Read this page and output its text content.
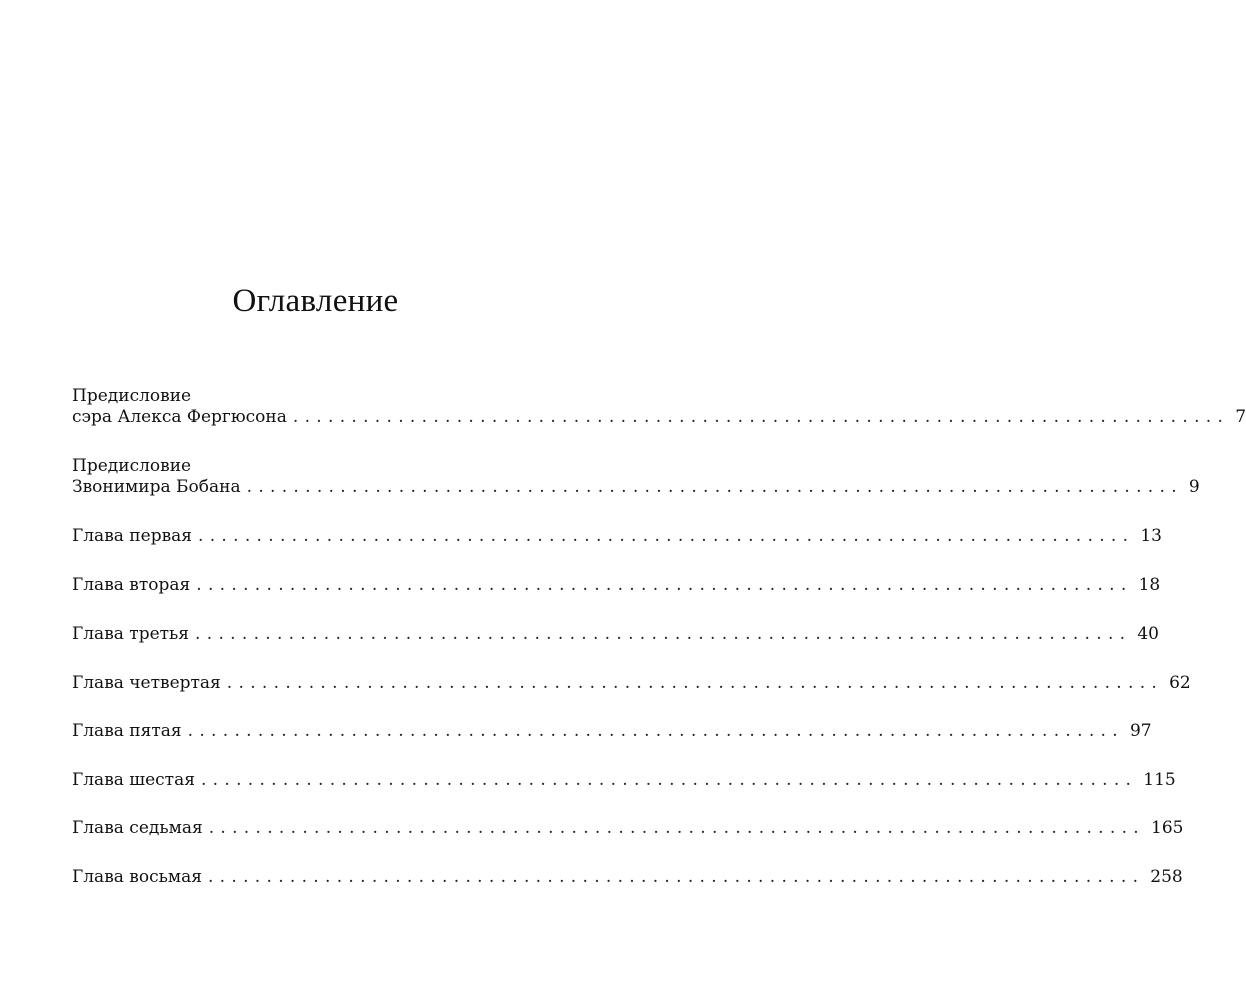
Оглавление
Предисловие
сэра Алекса Фергюсона ................................................................................ 7
Предисловие
Звонимира Бобана ................................................................................ 9
Глава первая ................................................................................ 13
Глава вторая ................................................................................ 18
Глава третья ................................................................................ 40
Глава четвертая ................................................................................ 62
Глава пятая ................................................................................ 97
Глава шестая ................................................................................ 115
Глава седьмая ................................................................................ 165
Глава восьмая ................................................................................ 258
